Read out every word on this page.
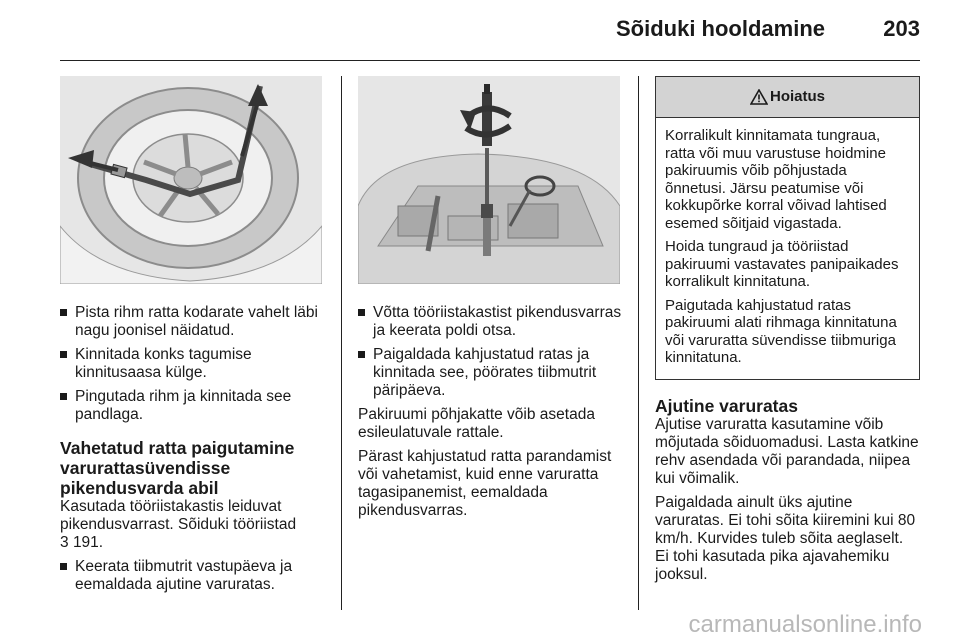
Sõiduki hooldamine	203
Pista rihm ratta kodarate vahelt läbi nagu joonisel näidatud.
Kinnitada konks tagumise kinnitusaasa külge.
Pingutada rihm ja kinnitada see pandlaga.
Vahetatud ratta paigutamine varurattasüvendisse pikendusvarda abil
Kasutada tööriistakastis leiduvat pikendusvarrast. Sõiduki tööriistad
3 191.
Keerata tiibmutrit vastupäeva ja eemaldada ajutine varuratas.
Võtta tööriistakastist pikendusvarras ja keerata poldi otsa.
Paigaldada kahjustatud ratas ja kinnitada see, pöörates tiibmutrit päripäeva.
Pakiruumi põhjakatte võib asetada esileulatuvale rattale.
Pärast kahjustatud ratta parandamist või vahetamist, kuid enne varuratta tagasipanemist, eemaldada pikendusvarras.
Hoiatus

Korralikult kinnitamata tungraua, ratta või muu varustuse hoidmine pakiruumis võib põhjustada õnnetusi. Järsu peatumise või kokkupõrke korral võivad lahtised esemed sõitjaid vigastada.

Hoida tungraud ja tööriistad pakiruumi vastavates panipaikades korralikult kinnitatuna.

Paigutada kahjustatud ratas pakiruumi alati rihmaga kinnitatuna või varuratta süvendisse tiibmuriga kinnitatuna.

Ajutine varuratas
Ajutise varuratta kasutamine võib mõjutada sõiduomadusi. Lasta katkine rehv asendada või parandada, niipea kui võimalik.
Paigaldada ainult üks ajutine varuratas. Ei tohi sõita kiiremini kui 80 km/h. Kurvides tuleb sõita aeglaselt. Ei tohi kasutada pika ajavahemiku jooksul.
carmanualsonline.info
